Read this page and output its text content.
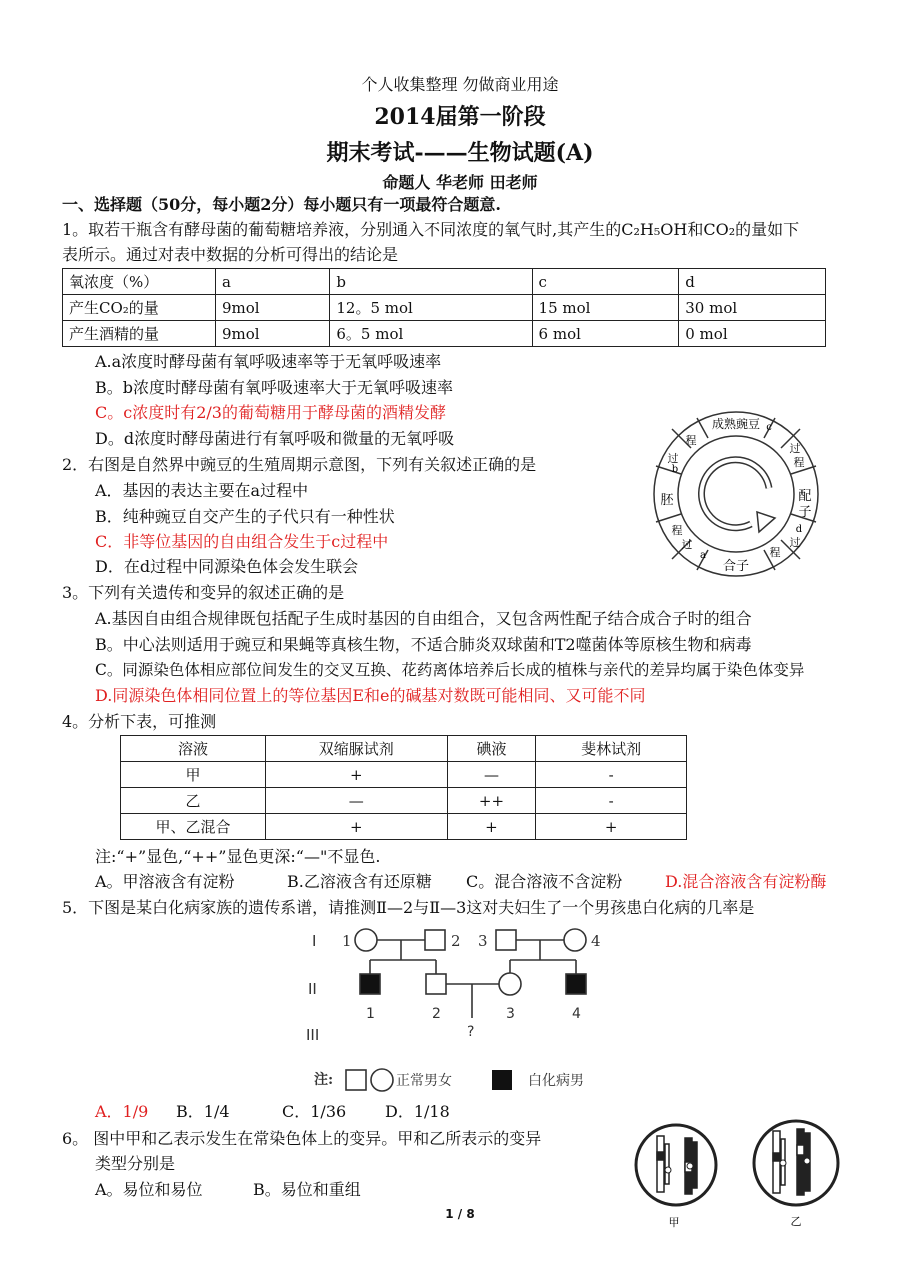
个人收集整理 勿做商业用途
2014届第一阶段
期末考试-——生物试题(A)
命题人 华老师 田老师
一、选择题（50分，每小题2分）每小题只有一项最符合题意.
1。取若干瓶含有酵母菌的葡萄糖培养液，分别通入不同浓度的氧气时,其产生的C₂H₅OH和CO₂的量如下
表所示。通过对表中数据的分析可得出的结论是
氧浓度（%）	a	b	c	d
产生CO₂的量	9mol	12。5 mol	15 mol	30 mol
产生酒精的量	9mol	6。5 mol	6 mol	0 mol
A.a浓度时酵母菌有氧呼吸速率等于无氧呼吸速率
B。b浓度时酵母菌有氧呼吸速率大于无氧呼吸速率
C。c浓度时有2/3的葡萄糖用于酵母菌的酒精发酵
D。d浓度时酵母菌进行有氧呼吸和微量的无氧呼吸
2．右图是自然界中豌豆的生殖周期示意图，下列有关叙述正确的是
A．基因的表达主要在a过程中
B．纯种豌豆自交产生的子代只有一种性状
C．非等位基因的自由组合发生于c过程中
D．在d过程中同源染色体会发生联会
成熟豌豆
配
子
合子
胚
程
过
b
c
过
程
d
过
程
程
过
a
3。下列有关遗传和变异的叙述正确的是
A.基因自由组合规律既包括配子生成时基因的自由组合，又包含两性配子结合成合子时的组合
B。中心法则适用于豌豆和果蝇等真核生物，不适合肺炎双球菌和T2噬菌体等原核生物和病毒
C。同源染色体相应部位间发生的交叉互换、花药离体培养后长成的植株与亲代的差异均属于染色体变异
D.同源染色体相同位置上的等位基因E和e的碱基对数既可能相同、又可能不同
4。分析下表，可推测
溶液	双缩脲试剂	碘液	斐林试剂
甲	+	—	-
乙	—	++	-
甲、乙混合	+	+	+
注:“+”显色,“++”显色更深:“—"不显色.
A。甲溶液含有淀粉	B.乙溶液含有还原糖 C。混合溶液不含淀粉	D.混合溶液含有淀粉酶
5．下图是某白化病家族的遗传系谱，请推测Ⅱ—2与Ⅱ—3这对夫妇生了一个男孩患白化病的几率是
I
II
III
1	2 3	4
1	2	3	4
?
注:	正常男女	白化病男
A．1/9 B．1/4	C．1/36 D．1/18
6。 图中甲和乙表示发生在常染色体上的变异。甲和乙所表示的变异
类型分别是
A。易位和易位	B。易位和重组
甲	乙
1 / 8
